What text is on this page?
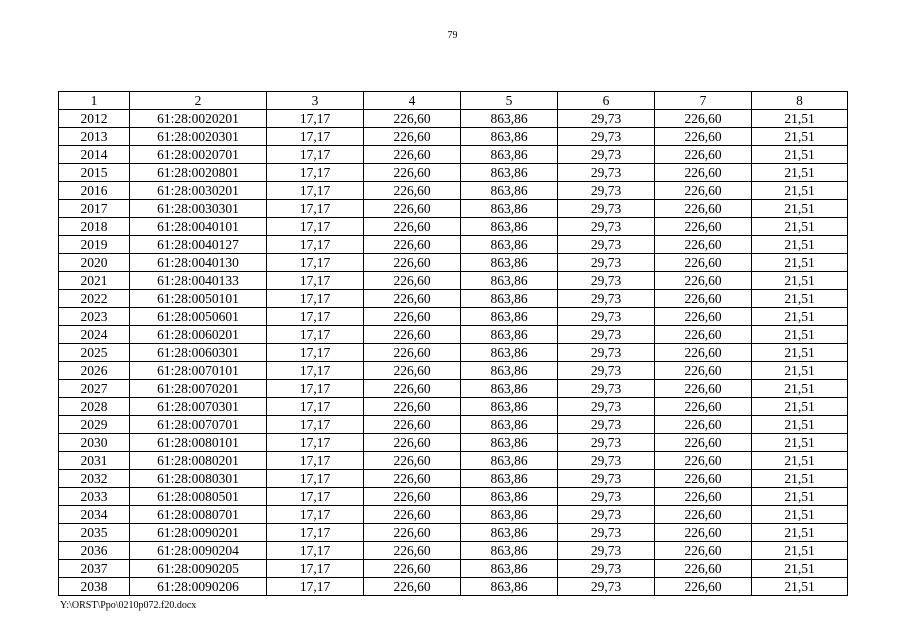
79
1	2	3	4	5	6	7	8
2012	61:28:0020201	17,17	226,60	863,86	29,73	226,60	21,51
2013	61:28:0020301	17,17	226,60	863,86	29,73	226,60	21,51
2014	61:28:0020701	17,17	226,60	863,86	29,73	226,60	21,51
2015	61:28:0020801	17,17	226,60	863,86	29,73	226,60	21,51
2016	61:28:0030201	17,17	226,60	863,86	29,73	226,60	21,51
2017	61:28:0030301	17,17	226,60	863,86	29,73	226,60	21,51
2018	61:28:0040101	17,17	226,60	863,86	29,73	226,60	21,51
2019	61:28:0040127	17,17	226,60	863,86	29,73	226,60	21,51
2020	61:28:0040130	17,17	226,60	863,86	29,73	226,60	21,51
2021	61:28:0040133	17,17	226,60	863,86	29,73	226,60	21,51
2022	61:28:0050101	17,17	226,60	863,86	29,73	226,60	21,51
2023	61:28:0050601	17,17	226,60	863,86	29,73	226,60	21,51
2024	61:28:0060201	17,17	226,60	863,86	29,73	226,60	21,51
2025	61:28:0060301	17,17	226,60	863,86	29,73	226,60	21,51
2026	61:28:0070101	17,17	226,60	863,86	29,73	226,60	21,51
2027	61:28:0070201	17,17	226,60	863,86	29,73	226,60	21,51
2028	61:28:0070301	17,17	226,60	863,86	29,73	226,60	21,51
2029	61:28:0070701	17,17	226,60	863,86	29,73	226,60	21,51
2030	61:28:0080101	17,17	226,60	863,86	29,73	226,60	21,51
2031	61:28:0080201	17,17	226,60	863,86	29,73	226,60	21,51
2032	61:28:0080301	17,17	226,60	863,86	29,73	226,60	21,51
2033	61:28:0080501	17,17	226,60	863,86	29,73	226,60	21,51
2034	61:28:0080701	17,17	226,60	863,86	29,73	226,60	21,51
2035	61:28:0090201	17,17	226,60	863,86	29,73	226,60	21,51
2036	61:28:0090204	17,17	226,60	863,86	29,73	226,60	21,51
2037	61:28:0090205	17,17	226,60	863,86	29,73	226,60	21,51
2038	61:28:0090206	17,17	226,60	863,86	29,73	226,60	21,51
Y:\ORST\Ppo\0210p072.f20.docx
